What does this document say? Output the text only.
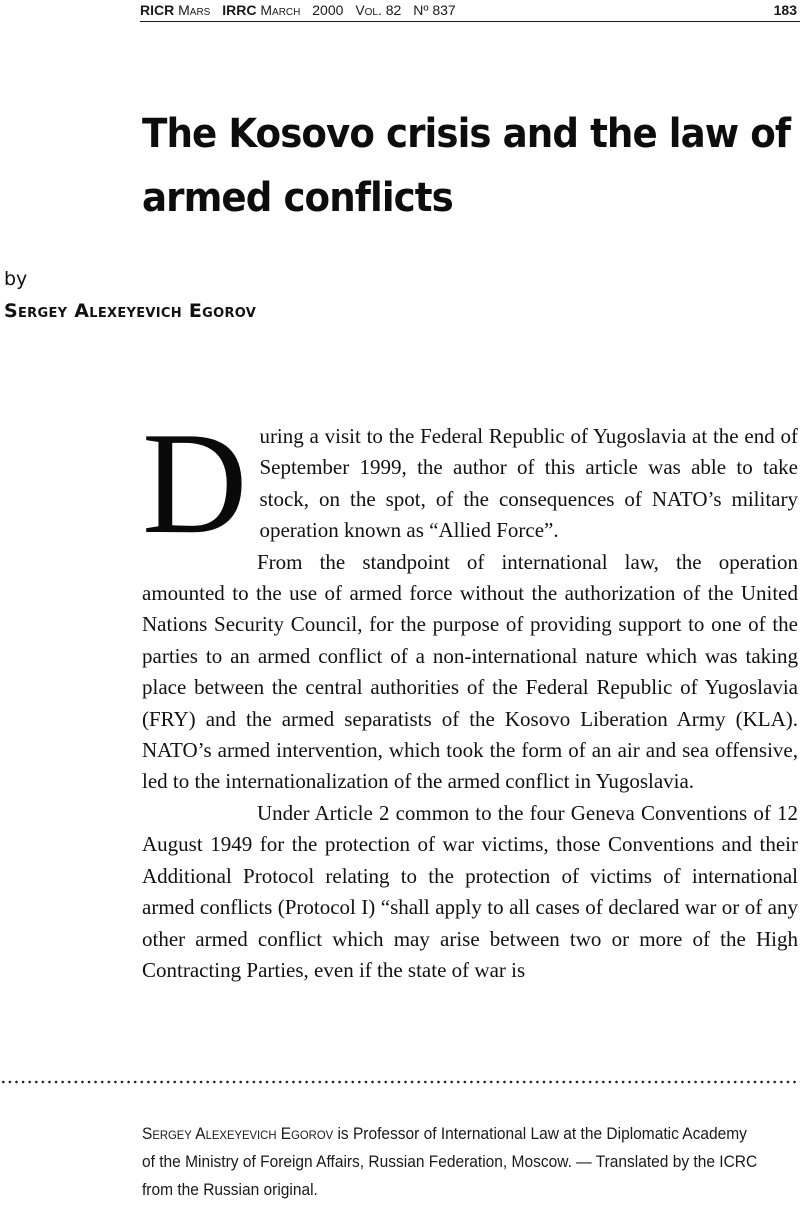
RICR Mars IRRC March 2000 Vol. 82 Nº 837	183
The Kosovo crisis and the law of
armed conflicts
by
Sergey Alexeyevich Egorov

During a visit to the Federal Republic of Yugoslavia at the end of September 1999, the author of this article was able to take stock, on the spot, of the consequences of NATO’s military operation known as “Allied Force”.

From the standpoint of international law, the operation amounted to the use of armed force without the authorization of the United Nations Security Council, for the purpose of providing support to one of the parties to an armed conflict of a non-international nature which was taking place between the central authorities of the Federal Republic of Yugoslavia (FRY) and the armed separatists of the Kosovo Liberation Army (KLA). NATO’s armed intervention, which took the form of an air and sea offensive, led to the internationalization of the armed conflict in Yugoslavia.

Under Article 2 common to the four Geneva Conventions of 12 August 1949 for the protection of war victims, those Conventions and their Additional Protocol relating to the protection of victims of international armed conflicts (Protocol I) “shall apply to all cases of declared war or of any other armed conflict which may arise between two or more of the High Contracting Parties, even if the state of war is

Sergey Alexeyevich Egorov is Professor of International Law at the Diplomatic Academy of the Ministry of Foreign Affairs, Russian Federation, Moscow. — Translated by the ICRC from the Russian original.
